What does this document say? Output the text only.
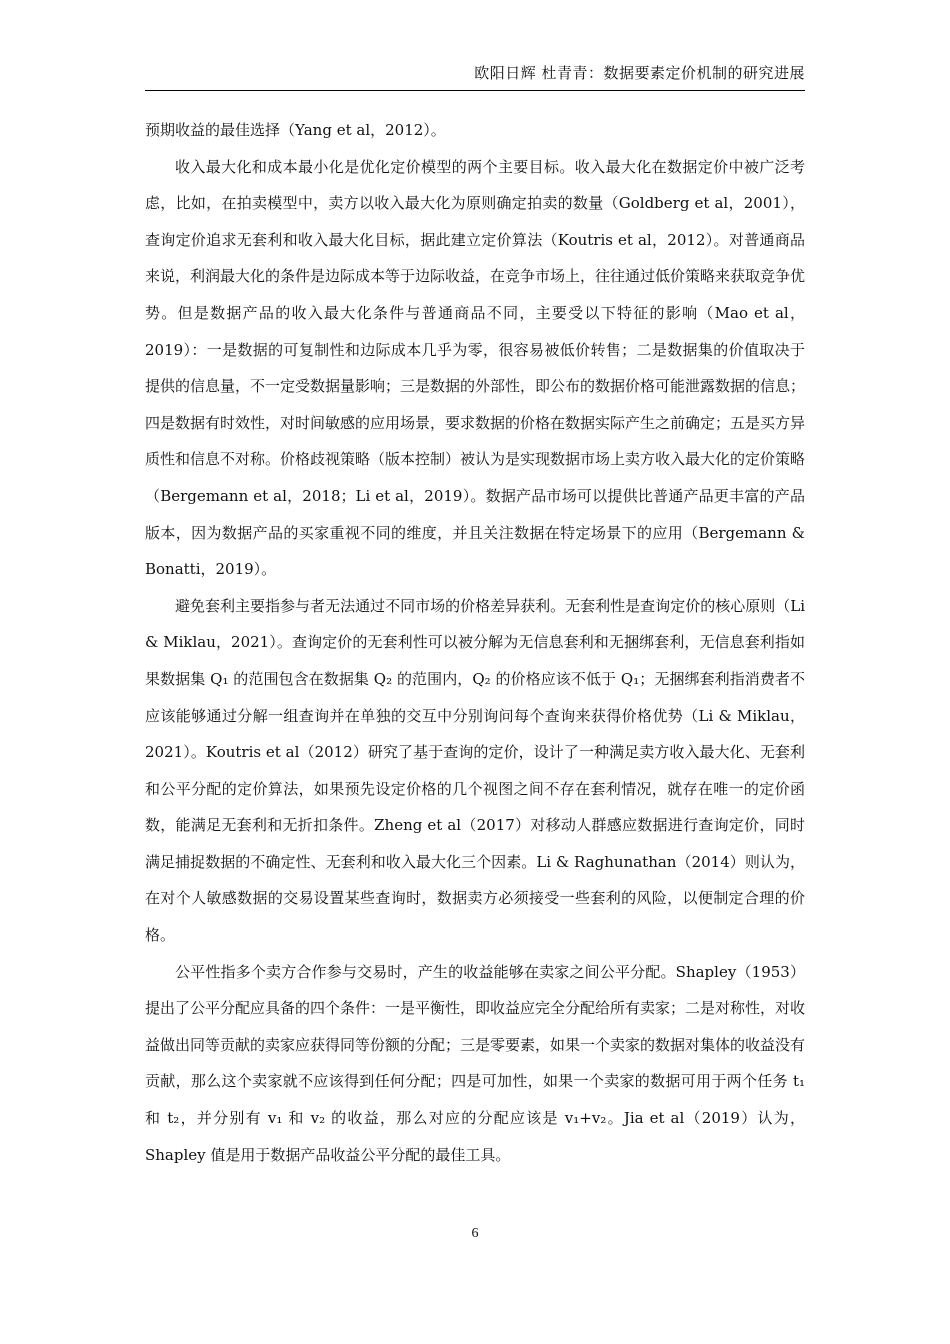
欧阳日辉 杜青青：数据要素定价机制的研究进展

预期收益的最佳选择（Yang et al，2012）。

收入最大化和成本最小化是优化定价模型的两个主要目标。收入最大化在数据定价中被广泛考虑，比如，在拍卖模型中，卖方以收入最大化为原则确定拍卖的数量（Goldberg et al，2001），查询定价追求无套利和收入最大化目标，据此建立定价算法（Koutris et al，2012）。对普通商品来说，利润最大化的条件是边际成本等于边际收益，在竞争市场上，往往通过低价策略来获取竞争优势。但是数据产品的收入最大化条件与普通商品不同，主要受以下特征的影响（Mao et al，2019）：一是数据的可复制性和边际成本几乎为零，很容易被低价转售；二是数据集的价值取决于提供的信息量，不一定受数据量影响；三是数据的外部性，即公布的数据价格可能泄露数据的信息；四是数据有时效性，对时间敏感的应用场景，要求数据的价格在数据实际产生之前确定；五是买方异质性和信息不对称。价格歧视策略（版本控制）被认为是实现数据市场上卖方收入最大化的定价策略（Bergemann et al，2018；Li et al，2019）。数据产品市场可以提供比普通产品更丰富的产品版本，因为数据产品的买家重视不同的维度，并且关注数据在特定场景下的应用（Bergemann & Bonatti，2019）。

避免套利主要指参与者无法通过不同市场的价格差异获利。无套利性是查询定价的核心原则（Li & Miklau，2021）。查询定价的无套利性可以被分解为无信息套利和无捆绑套利，无信息套利指如果数据集 Q₁ 的范围包含在数据集 Q₂ 的范围内，Q₂ 的价格应该不低于 Q₁；无捆绑套利指消费者不应该能够通过分解一组查询并在单独的交互中分别询问每个查询来获得价格优势（Li & Miklau，2021）。Koutris et al（2012）研究了基于查询的定价，设计了一种满足卖方收入最大化、无套利和公平分配的定价算法，如果预先设定价格的几个视图之间不存在套利情况，就存在唯一的定价函数，能满足无套利和无折扣条件。Zheng et al（2017）对移动人群感应数据进行查询定价，同时满足捕捉数据的不确定性、无套利和收入最大化三个因素。Li & Raghunathan（2014）则认为，在对个人敏感数据的交易设置某些查询时，数据卖方必须接受一些套利的风险，以便制定合理的价格。

公平性指多个卖方合作参与交易时，产生的收益能够在卖家之间公平分配。Shapley（1953）提出了公平分配应具备的四个条件：一是平衡性，即收益应完全分配给所有卖家；二是对称性，对收益做出同等贡献的卖家应获得同等份额的分配；三是零要素，如果一个卖家的数据对集体的收益没有贡献，那么这个卖家就不应该得到任何分配；四是可加性，如果一个卖家的数据可用于两个任务 t₁ 和 t₂，并分别有 v₁ 和 v₂ 的收益，那么对应的分配应该是 v₁+v₂。Jia et al（2019）认为，Shapley 值是用于数据产品收益公平分配的最佳工具。

6
